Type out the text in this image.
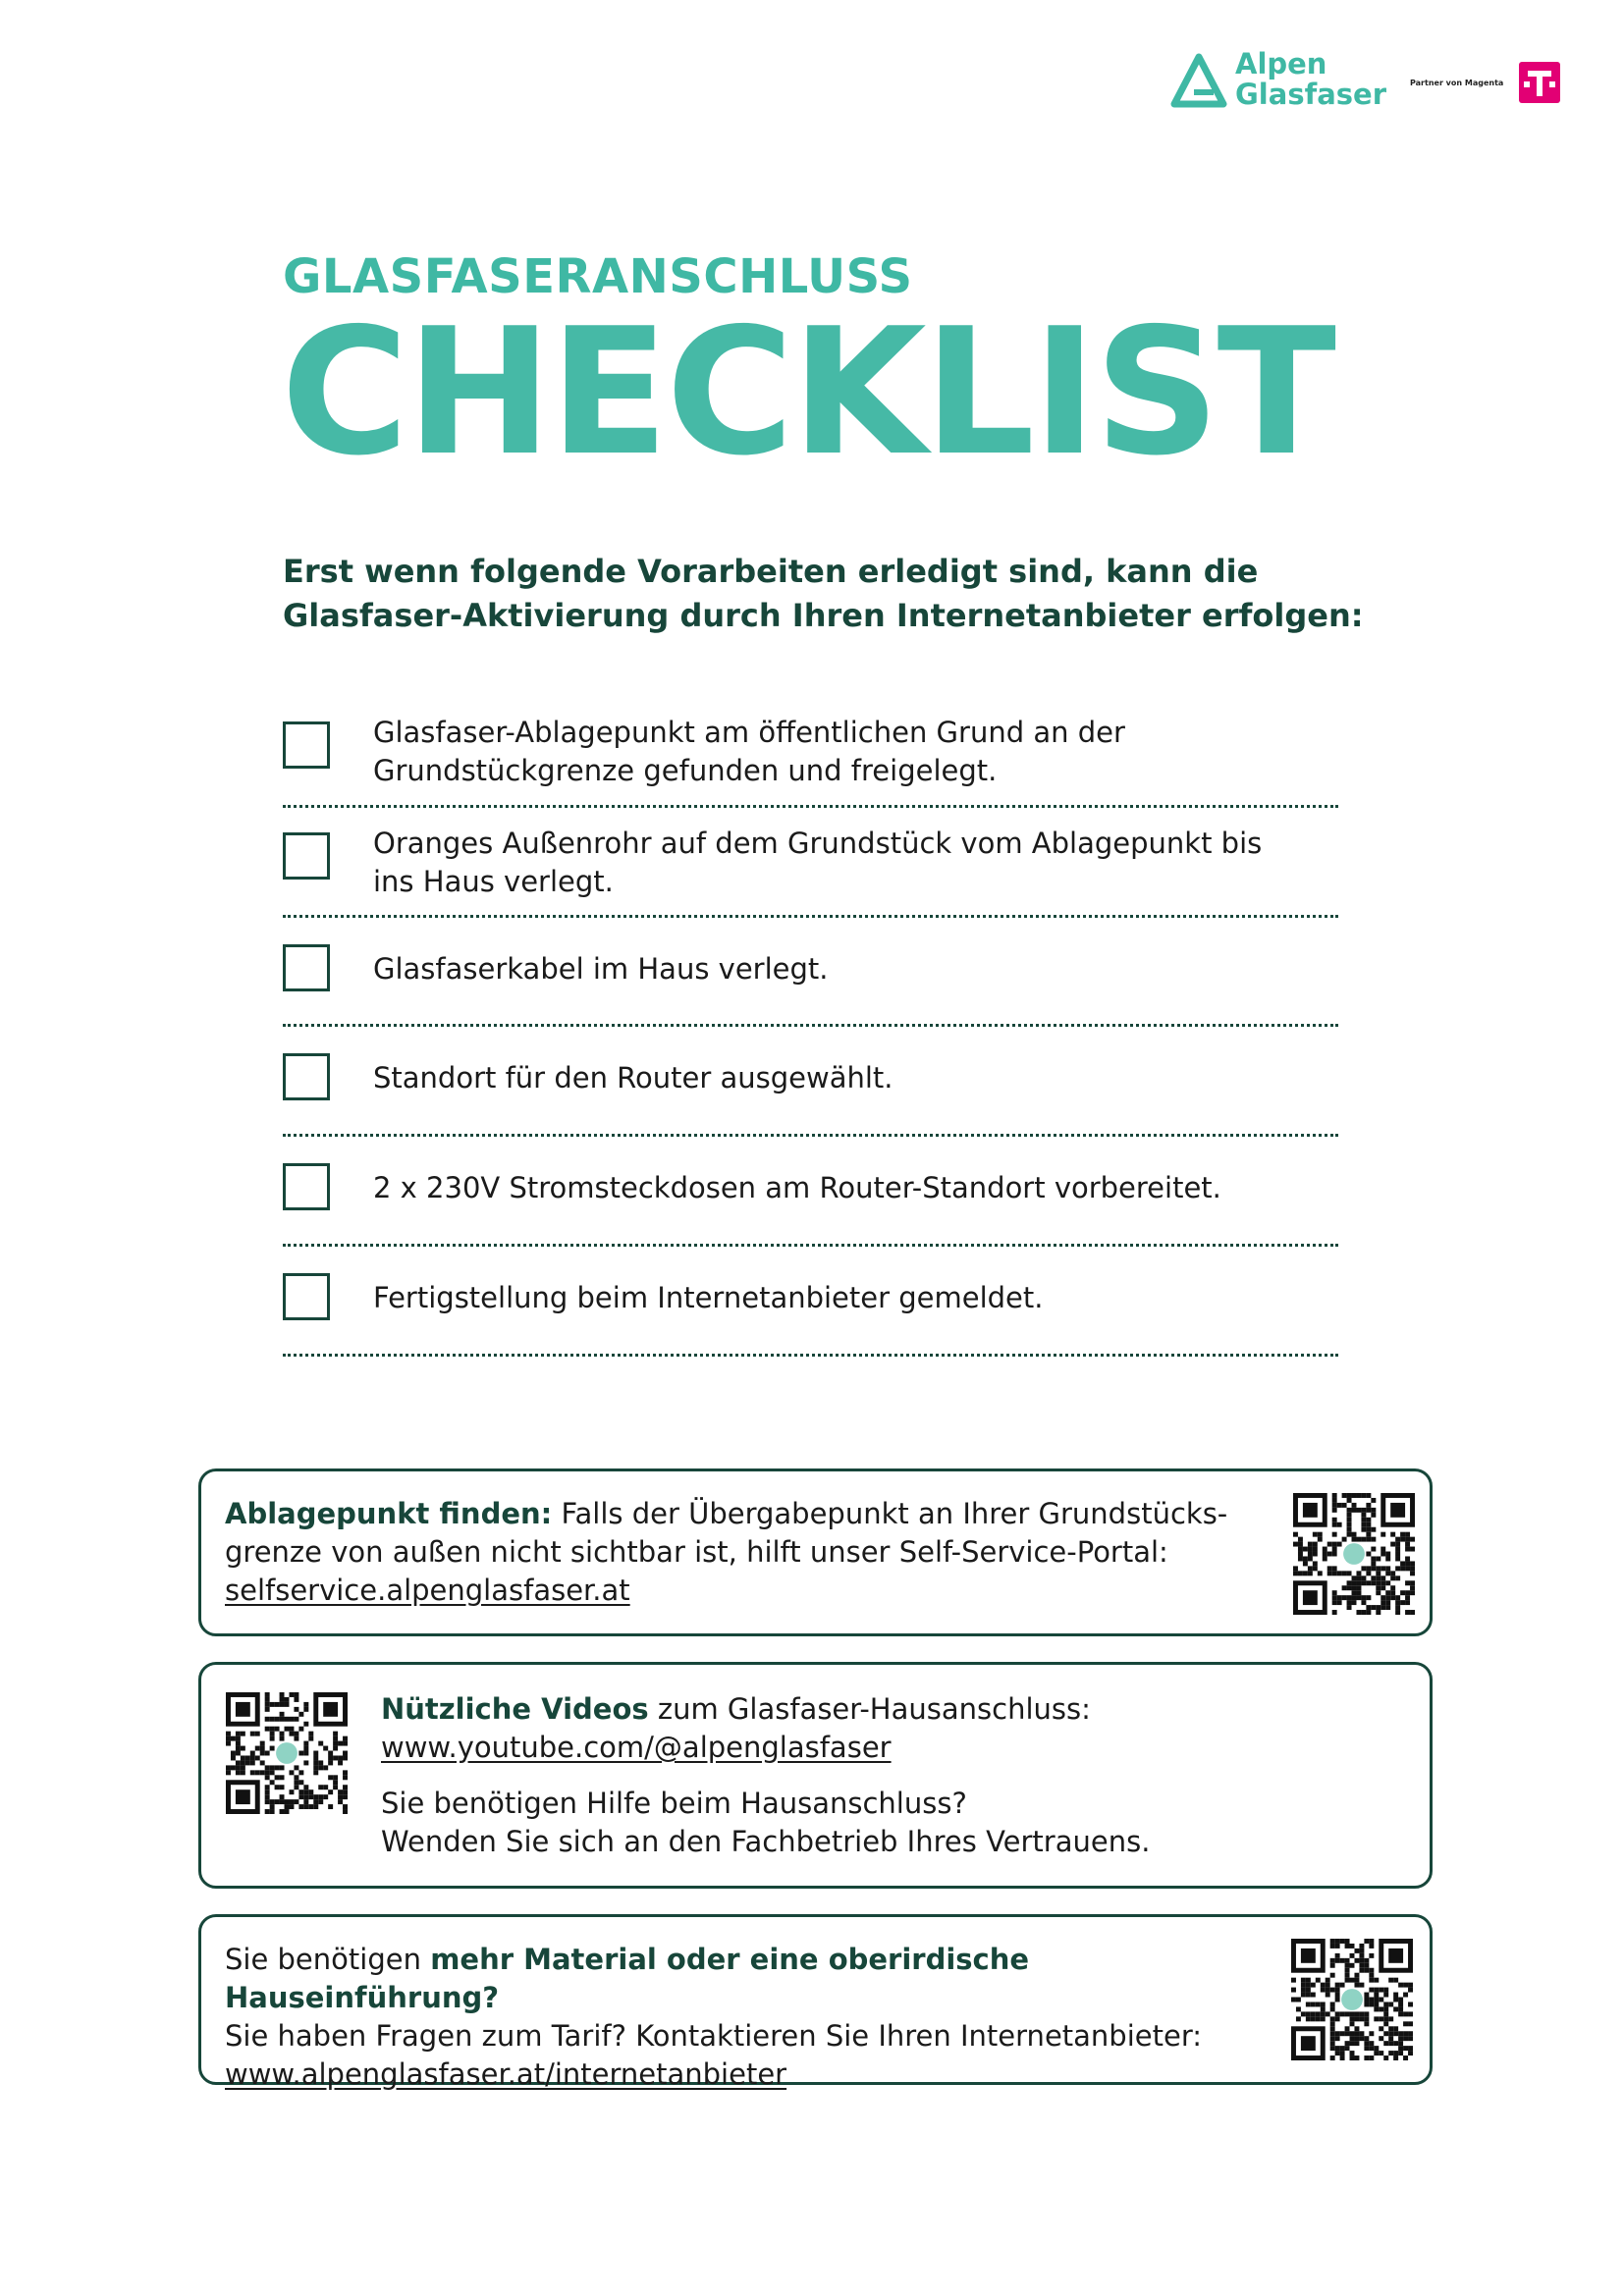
Alpen
Glasfaser	Partner von Magenta
GLASFASERANSCHLUSS
CHECKLIST
Erst wenn folgende Vorarbeiten erledigt sind, kann die
Glasfaser-Aktivierung durch Ihren Internetanbieter erfolgen:
Glasfaser-Ablagepunkt am öffentlichen Grund an der
Grundstückgrenze gefunden und freigelegt.
Oranges Außenrohr auf dem Grundstück vom Ablagepunkt bis
ins Haus verlegt.
Glasfaserkabel im Haus verlegt.
Standort für den Router ausgewählt.
2 x 230V Stromsteckdosen am Router-Standort vorbereitet.
Fertigstellung beim Internetanbieter gemeldet.
Ablagepunkt finden: Falls der Übergabepunkt an Ihrer Grundstücks-
grenze von außen nicht sichtbar ist, hilft unser Self-Service-Portal:
selfservice.alpenglasfaser.at
Nützliche Videos zum Glasfaser-Hausanschluss:
www.youtube.com/@alpenglasfaser
Sie benötigen Hilfe beim Hausanschluss?
Wenden Sie sich an den Fachbetrieb Ihres Vertrauens.
Sie benötigen mehr Material oder eine oberirdische Hauseinführung?
Sie haben Fragen zum Tarif? Kontaktieren Sie Ihren Internetanbieter:
www.alpenglasfaser.at/internetanbieter
